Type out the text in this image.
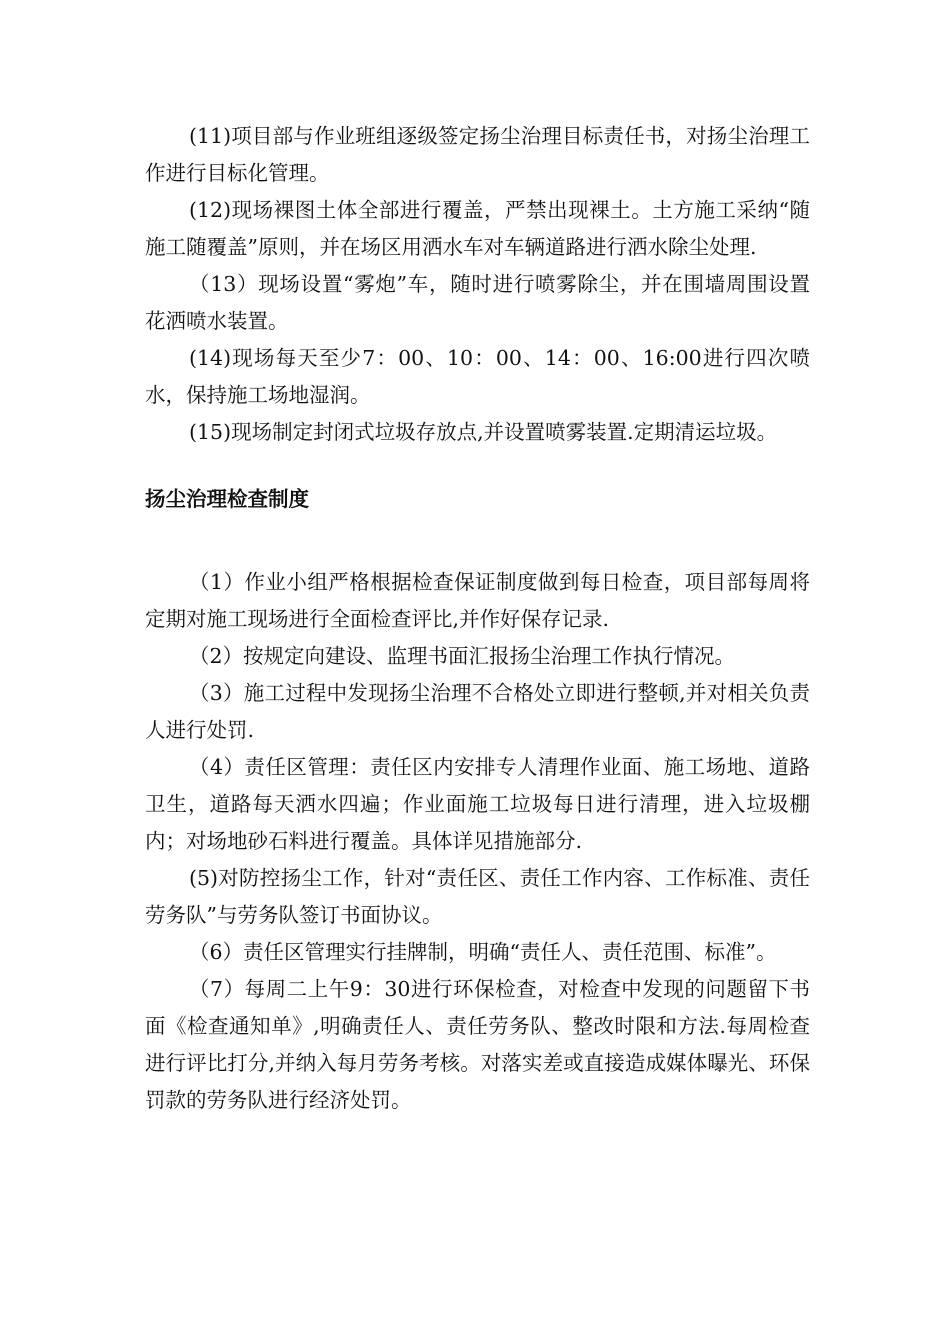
(11)项目部与作业班组逐级签定扬尘治理目标责任书，对扬尘治理工作进行目标化管理。

(12)现场裸图土体全部进行覆盖，严禁出现裸土。土方施工采纳“随施工随覆盖”原则，并在场区用洒水车对车辆道路进行洒水除尘处理.

（13）现场设置“雾炮”车，随时进行喷雾除尘，并在围墙周围设置花洒喷水装置。

(14)现场每天至少7：00、10：00、14：00、16:00进行四次喷水，保持施工场地湿润。

(15)现场制定封闭式垃圾存放点,并设置喷雾装置.定期清运垃圾。

扬尘治理检查制度

（1）作业小组严格根据检查保证制度做到每日检查，项目部每周将定期对施工现场进行全面检查评比,并作好保存记录.

（2）按规定向建设、监理书面汇报扬尘治理工作执行情况。

（3）施工过程中发现扬尘治理不合格处立即进行整顿,并对相关负责人进行处罚.

（4）责任区管理：责任区内安排专人清理作业面、施工场地、道路卫生，道路每天洒水四遍；作业面施工垃圾每日进行清理，进入垃圾棚内；对场地砂石料进行覆盖。具体详见措施部分.

(5)对防控扬尘工作，针对“责任区、责任工作内容、工作标准、责任劳务队”与劳务队签订书面协议。

（6）责任区管理实行挂牌制，明确“责任人、责任范围、标准”。

（7）每周二上午9：30进行环保检查，对检查中发现的问题留下书面《检查通知单》,明确责任人、责任劳务队、整改时限和方法.每周检查进行评比打分,并纳入每月劳务考核。对落实差或直接造成媒体曝光、环保罚款的劳务队进行经济处罚。
